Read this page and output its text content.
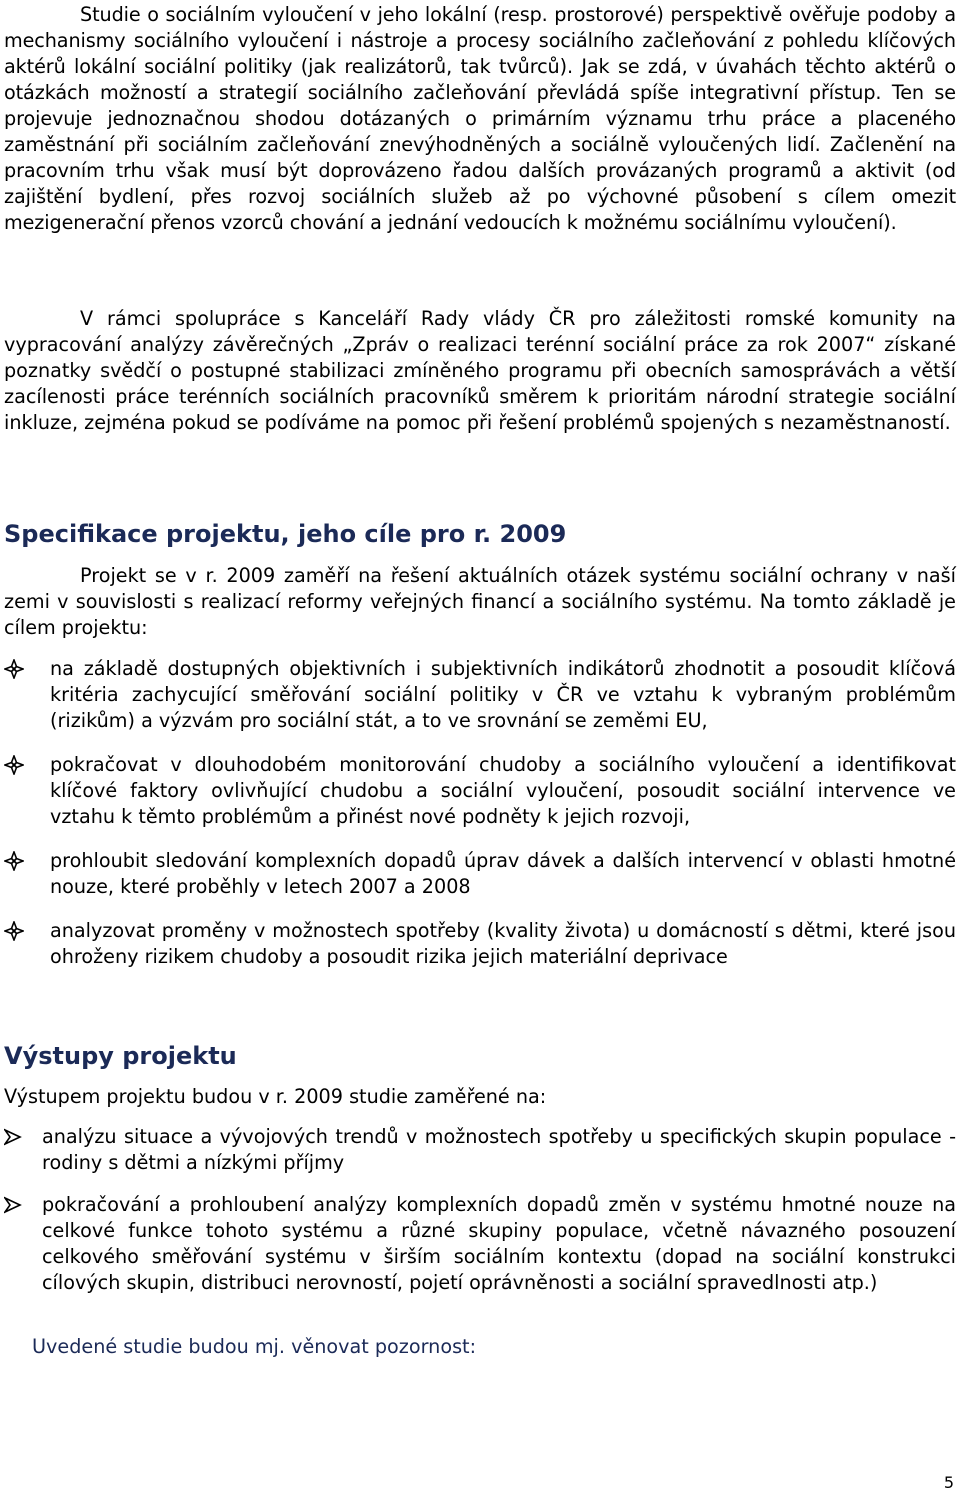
Studie o sociálním vyloučení v jeho lokální (resp. prostorové) perspektivě ověřuje podoby a mechanismy sociálního vyloučení i nástroje a procesy sociálního začleňování z pohledu klíčových aktérů lokální sociální politiky (jak realizátorů, tak tvůrců). Jak se zdá, v úvahách těchto aktérů o otázkách možností a strategií sociálního začleňování převládá spíše integrativní přístup. Ten se projevuje jednoznačnou shodou dotázaných o primárním významu trhu práce a placeného zaměstnání při sociálním začleňování znevýhodněných a sociálně vyloučených lidí. Začlenění na pracovním trhu však musí být doprovázeno řadou dalších provázaných programů a aktivit (od zajištění bydlení, přes rozvoj sociálních služeb až po výchovné působení s cílem omezit mezigenerační přenos vzorců chování a jednání vedoucích k možnému sociálnímu vyloučení).

V rámci spolupráce s Kanceláří Rady vlády ČR pro záležitosti romské komunity na vypracování analýzy závěrečných „Zpráv o realizaci terénní sociální práce za rok 2007“ získané poznatky svědčí o postupné stabilizaci zmíněného programu při obecních samosprávách a větší zacílenosti práce terénních sociálních pracovníků směrem k prioritám národní strategie sociální inkluze, zejména pokud se podíváme na pomoc při řešení problémů spojených s nezaměstnaností.

Specifikace projektu, jeho cíle pro r. 2009

Projekt se v r. 2009 zaměří na řešení aktuálních otázek systému sociální ochrany v naší zemi v souvislosti s realizací reformy veřejných financí a sociálního systému. Na tomto základě je cílem projektu:

na základě dostupných objektivních i subjektivních indikátorů zhodnotit a posoudit klíčová kritéria zachycující směřování sociální politiky v ČR ve vztahu k vybraným problémům (rizikům) a výzvám pro sociální stát, a to ve srovnání se zeměmi EU,

pokračovat v dlouhodobém monitorování chudoby a sociálního vyloučení a identifikovat klíčové faktory ovlivňující chudobu a sociální vyloučení, posoudit sociální intervence ve vztahu k těmto problémům a přinést nové podněty k jejich rozvoji,

prohloubit sledování komplexních dopadů úprav dávek a dalších intervencí v oblasti hmotné nouze, které proběhly v letech 2007 a 2008

analyzovat proměny v možnostech spotřeby (kvality života) u domácností s dětmi, které jsou ohroženy rizikem chudoby a posoudit rizika jejich materiální deprivace

Výstupy projektu

Výstupem projektu budou v r. 2009 studie zaměřené na:

analýzu situace a vývojových trendů v možnostech spotřeby u specifických skupin populace - rodiny s dětmi a nízkými příjmy

pokračování a prohloubení analýzy komplexních dopadů změn v systému hmotné nouze na celkové funkce tohoto systému a různé skupiny populace, včetně návazného posouzení celkového směřování systému v širším sociálním kontextu (dopad na sociální konstrukci cílových skupin, distribuci nerovností, pojetí oprávněnosti a sociální spravedlnosti atp.)

Uvedené studie budou mj. věnovat pozornost:

5
